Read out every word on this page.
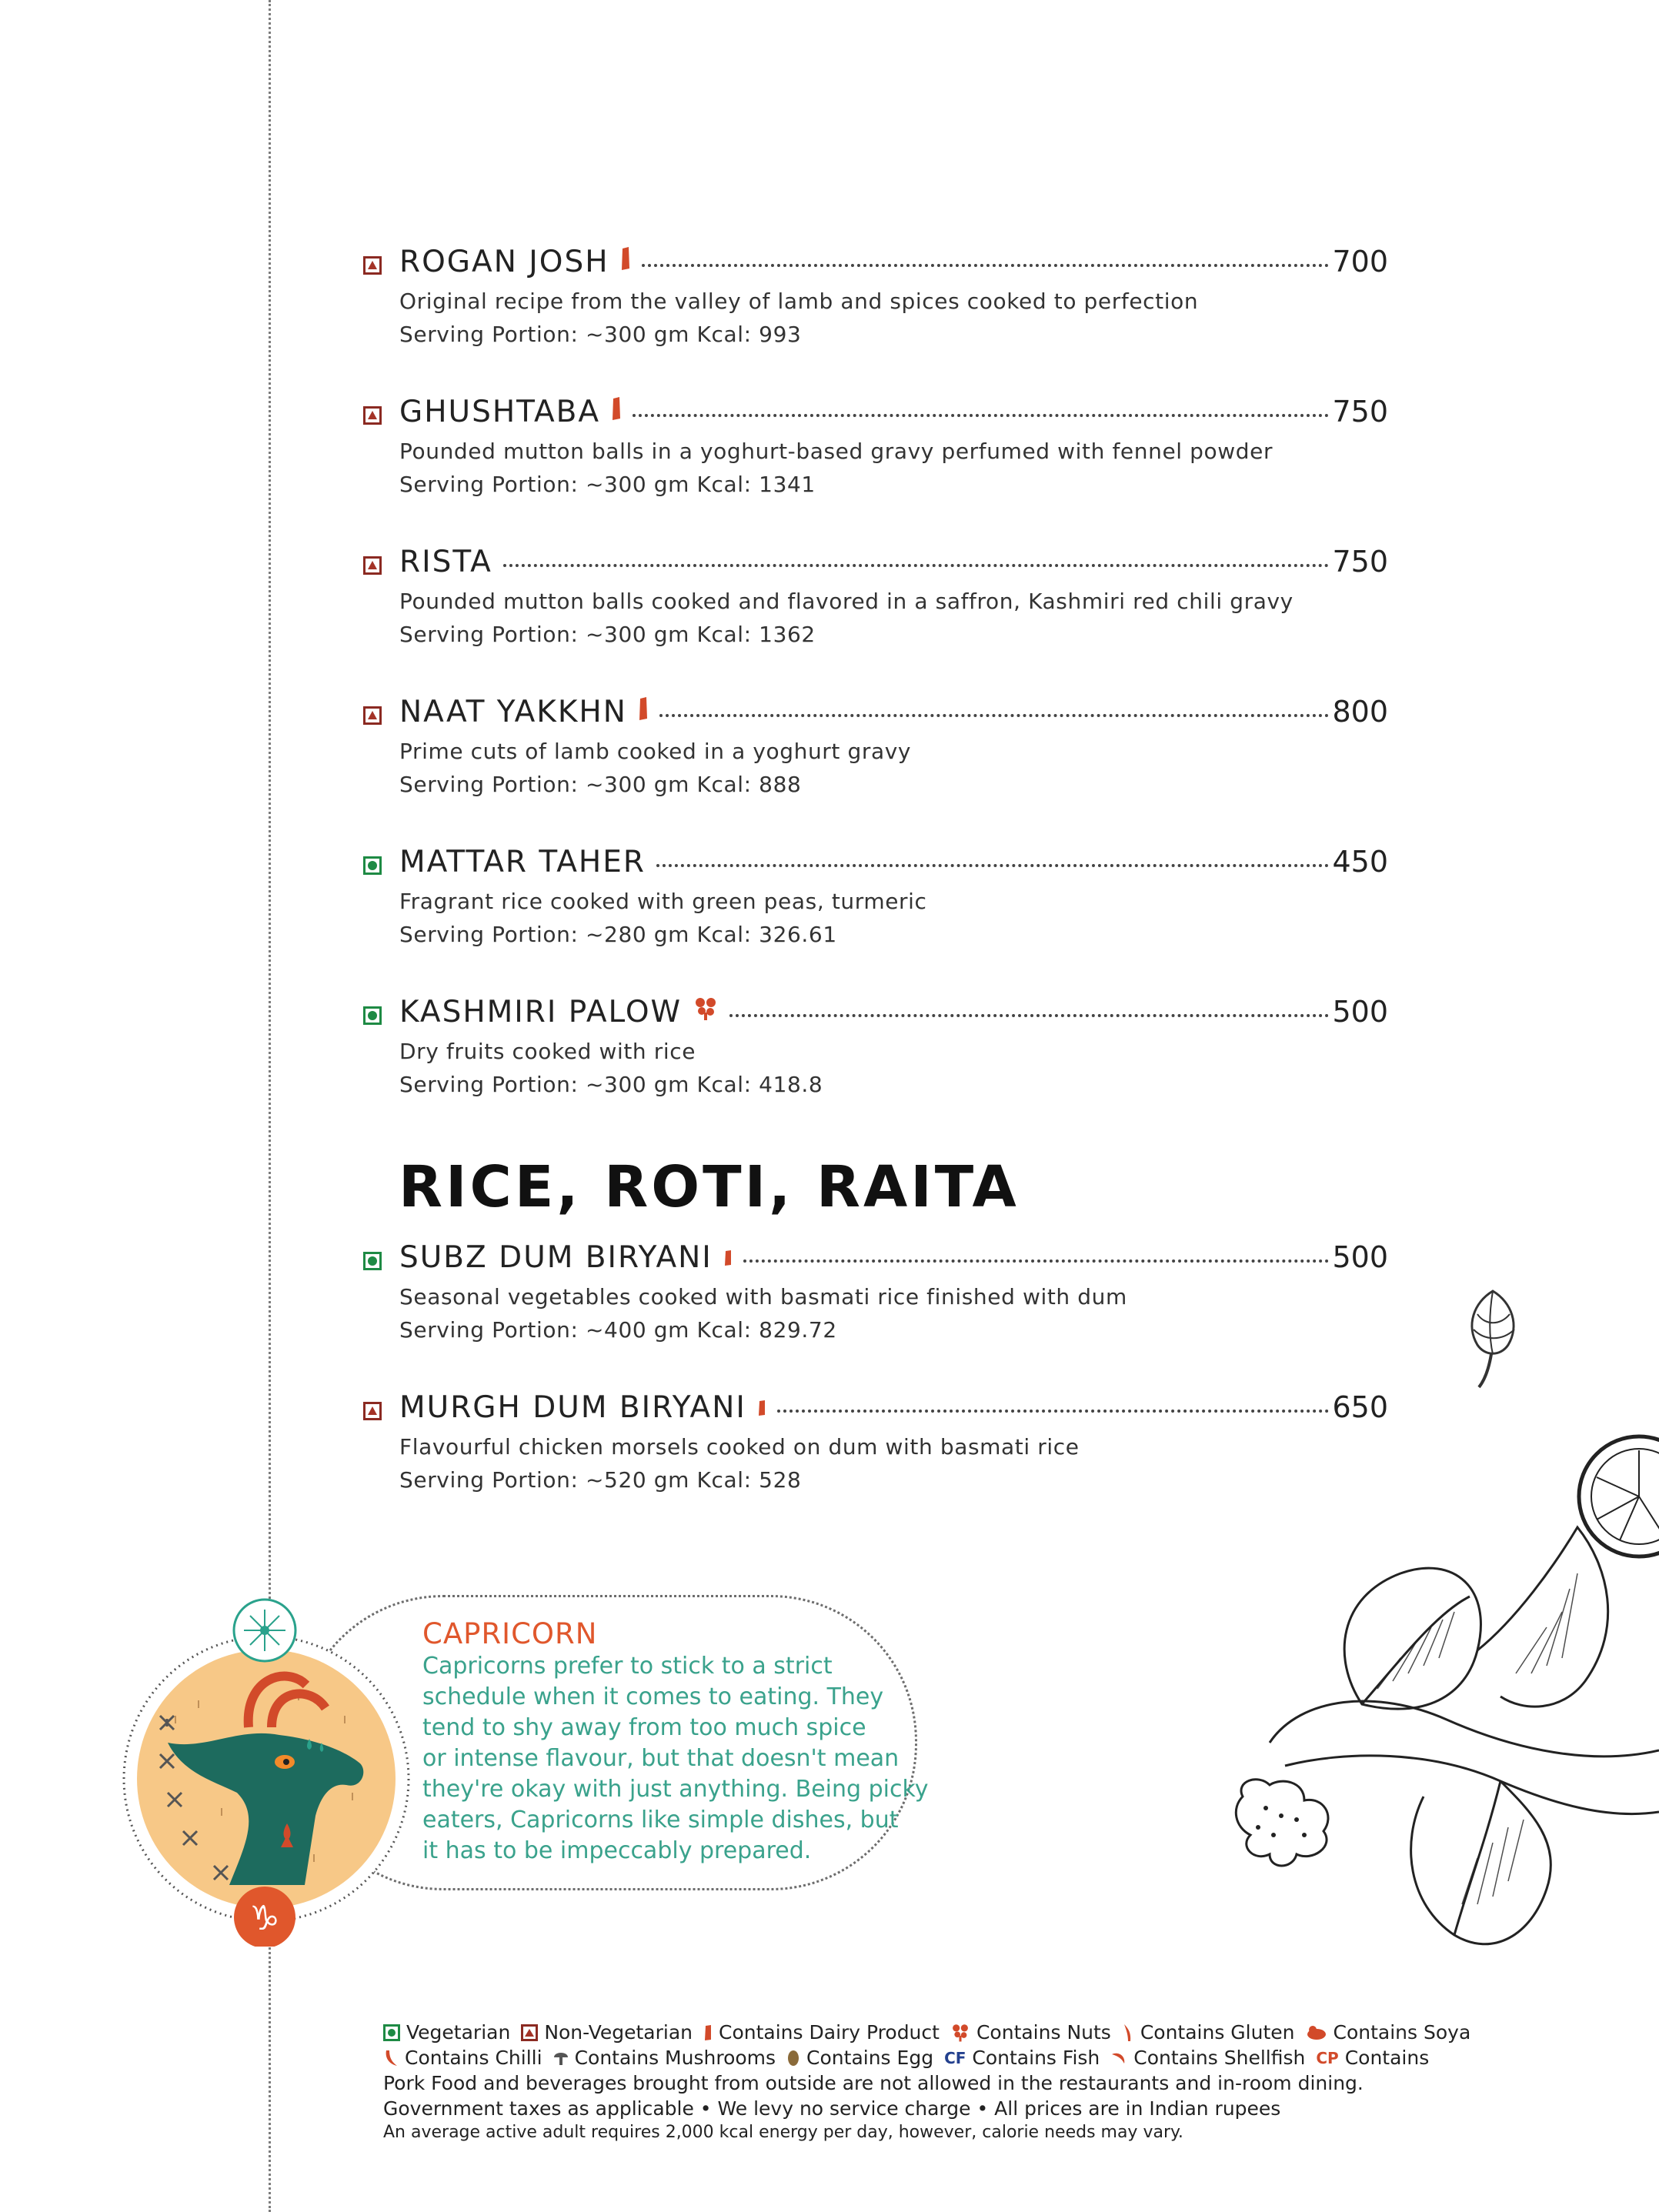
ROGAN JOSH	700
Original recipe from the valley of lamb and spices cooked to perfection
Serving Portion: ~300 gm Kcal: 993
GHUSHTABA	750
Pounded mutton balls in a yoghurt-based gravy perfumed with fennel powder
Serving Portion: ~300 gm Kcal: 1341
RISTA	750
Pounded mutton balls cooked and flavored in a saffron, Kashmiri red chili gravy
Serving Portion: ~300 gm Kcal: 1362
NAAT YAKKHN	800
Prime cuts of lamb cooked in a yoghurt gravy
Serving Portion: ~300 gm Kcal: 888
MATTAR TAHER	450
Fragrant rice cooked with green peas, turmeric
Serving Portion: ~280 gm Kcal: 326.61
KASHMIRI PALOW	500
Dry fruits cooked with rice
Serving Portion: ~300 gm Kcal: 418.8
RICE, ROTI, RAITA
SUBZ DUM BIRYANI	500
Seasonal vegetables cooked with basmati rice finished with dum
Serving Portion: ~400 gm Kcal: 829.72
MURGH DUM BIRYANI	650
Flavourful chicken morsels cooked on dum with basmati rice
Serving Portion: ~520 gm Kcal: 528
♑
CAPRICORN
Capricorns prefer to stick to a strict
schedule when it comes to eating. They
tend to shy away from too much spice
or intense flavour, but that doesn't mean
they're okay with just anything. Being picky
eaters, Capricorns like simple dishes, but
it has to be impeccably prepared.
Vegetarian Non-Vegetarian Contains Dairy Product Contains Nuts Contains Gluten Contains Soya
Contains Chilli Contains Mushrooms Contains Egg CF Contains Fish Contains Shellfish CP Contains
Pork Food and beverages brought from outside are not allowed in the restaurants and in-room dining.
Government taxes as applicable • We levy no service charge • All prices are in Indian rupees
An average active adult requires 2,000 kcal energy per day, however, calorie needs may vary.
